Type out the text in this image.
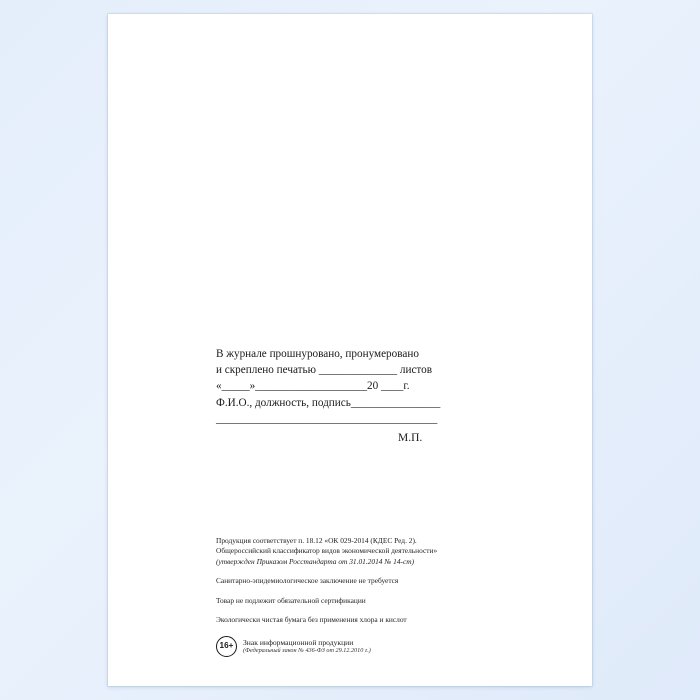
В журнале прошнуровано, пронумеровано
и скреплено печатью ______________ листов
«_____»____________________20 ____г.
Ф.И.О., должность, подпись________________
_________________________________________
М.П.
Продукция соответствует п. 18.12 «ОК 029-2014 (КДЕС Ред. 2).
Общероссийский классификатор видов экономической деятельности»
(утвержден Приказом Росстандарта от 31.01.2014 № 14-ст)
Санитарно-эпидемиологическое заключение не требуется
Товар не подлежит обязательной сертификации
Экологически чистая бумага без применения хлора и кислот
16+	Знак информационной продукции
(Федеральный закон № 436-ФЗ от 29.12.2010 г.)
